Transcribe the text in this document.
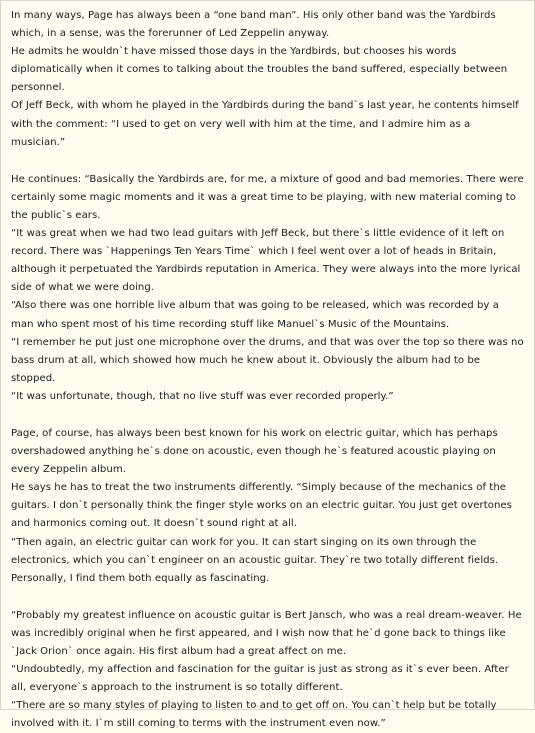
In many ways, Page has always been a “one band man”. His only other band was the Yardbirds which, in a sense, was the forerunner of Led Zeppelin anyway.

He admits he wouldn`t have missed those days in the Yardbirds, but chooses his words diplomatically when it comes to talking about the troubles the band suffered, especially between personnel.

Of Jeff Beck, with whom he played in the Yardbirds during the band`s last year, he contents himself with the comment: “I used to get on very well with him at the time, and I admire him as a musician.”

He continues: “Basically the Yardbirds are, for me, a mixture of good and bad memories. There were certainly some magic moments and it was a great time to be playing, with new material coming to the public`s ears.

“It was great when we had two lead guitars with Jeff Beck, but there`s little evidence of it left on record. There was `Happenings Ten Years Time` which I feel went over a lot of heads in Britain, although it perpetuated the Yardbirds reputation in America. They were always into the more lyrical side of what we were doing.

“Also there was one horrible live album that was going to be released, which was recorded by a man who spent most of his time recording stuff like Manuel`s Music of the Mountains.

“I remember he put just one microphone over the drums, and that was over the top so there was no bass drum at all, which showed how much he knew about it. Obviously the album had to be stopped.

“It was unfortunate, though, that no live stuff was ever recorded properly.”

Page, of course, has always been best known for his work on electric guitar, which has perhaps overshadowed anything he`s done on acoustic, even though he`s featured acoustic playing on every Zeppelin album.

He says he has to treat the two instruments differently. “Simply because of the mechanics of the guitars. I don`t personally think the finger style works on an electric guitar. You just get overtones and harmonics coming out. It doesn`t sound right at all.

“Then again, an electric guitar can work for you. It can start singing on its own through the electronics, which you can`t engineer on an acoustic guitar. They`re two totally different fields. Personally, I find them both equally as fascinating.

“Probably my greatest influence on acoustic guitar is Bert Jansch, who was a real dream-weaver. He was incredibly original when he first appeared, and I wish now that he`d gone back to things like `Jack Orion` once again. His first album had a great affect on me.

“Undoubtedly, my affection and fascination for the guitar is just as strong as it`s ever been. After all, everyone`s approach to the instrument is so totally different.

“There are so many styles of playing to listen to and to get off on. You can`t help but be totally involved with it. I`m still coming to terms with the instrument even now.”
